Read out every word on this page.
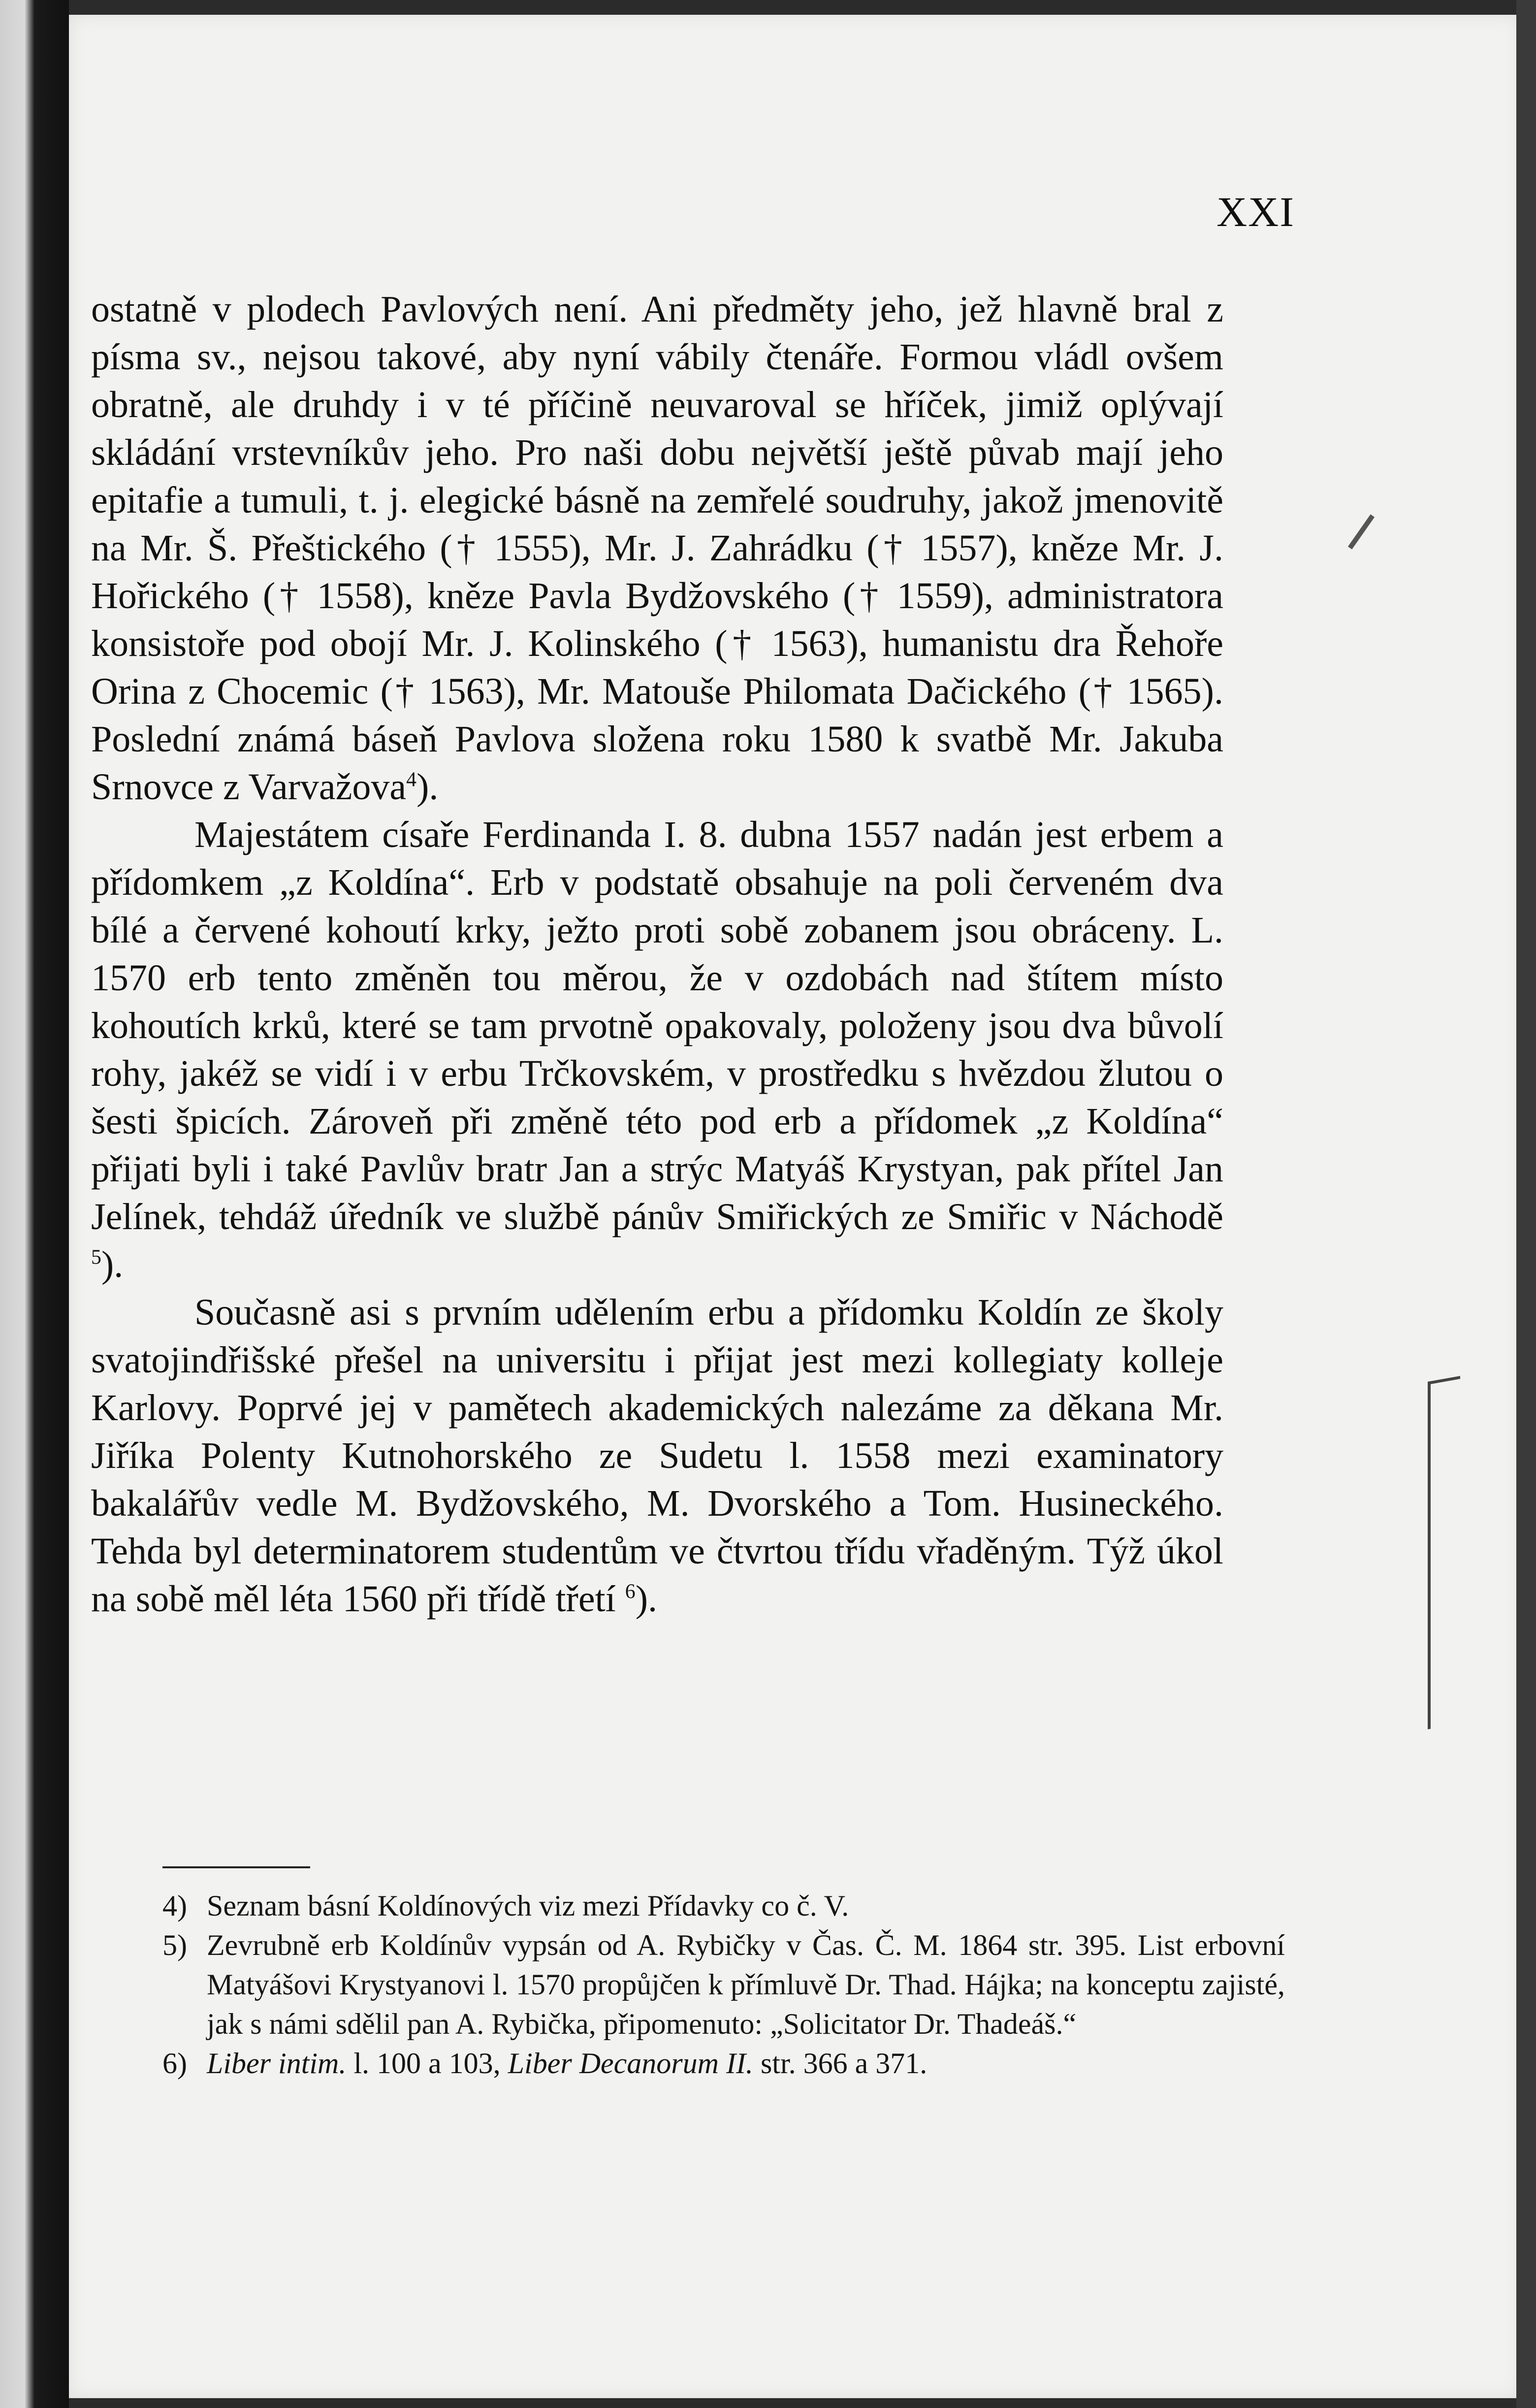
XXI

ostatně v plodech Pavlových není. Ani předměty jeho, jež hlavně bral z písma sv., nejsou takové, aby nyní vábily čtenáře. Formou vládl ovšem obratně, ale druhdy i v té příčině neuvaroval se hříček, jimiž oplývají skládání vrstevníkův jeho. Pro naši dobu největší ještě půvab mají jeho epitafie a tumuli, t. j. elegické básně na zemřelé soudruhy, jakož jmenovitě na Mr. Š. Přeštického († 1555), Mr. J. Zahrádku († 1557), kněze Mr. J. Hořického († 1558), kněze Pavla Bydžovského († 1559), administratora konsistoře pod obojí Mr. J. Kolinského († 1563), humanistu dra Řehoře Orina z Chocemic († 1563), Mr. Matouše Philomata Dačického († 1565). Poslední známá báseň Pavlova složena roku 1580 k svatbě Mr. Jakuba Srnovce z Varvažova$^4$).

Majestátem císaře Ferdinanda I. 8. dubna 1557 nadán jest erbem a přídomkem „z Koldína“. Erb v podstatě obsahuje na poli červeném dva bílé a červené kohoutí krky, ježto proti sobě zobanem jsou obráceny. L. 1570 erb tento změněn tou měrou, že v ozdobách nad štítem místo kohoutích krků, které se tam prvotně opakovaly, položeny jsou dva bůvolí rohy, jakéž se vidí i v erbu Trčkovském, v prostředku s hvězdou žlutou o šesti špicích. Zároveň při změně této pod erb a přídomek „z Koldína“ přijati byli i také Pavlův bratr Jan a strýc Matyáš Krystyan, pak přítel Jan Jelínek, tehdáž úředník ve službě pánův Smiřických ze Smiřic v Náchodě $^5$).

Současně asi s prvním udělením erbu a přídomku Koldín ze školy svatojindřišské přešel na universitu i přijat jest mezi kollegiaty kolleje Karlovy. Poprvé jej v pamětech akademických nalezáme za děkana Mr. Jiříka Polenty Kutnohorského ze Sudetu l. 1558 mezi examinatory bakalářův vedle M. Bydžovského, M. Dvorského a Tom. Husineckého. Tehda byl determinatorem studentům ve čtvrtou třídu vřaděným. Týž úkol na sobě měl léta 1560 při třídě třetí $^6$).

4) Seznam básní Koldínových viz mezi Přídavky co č. V.

5) Zevrubně erb Koldínův vypsán od A. Rybičky v Čas. Č. M. 1864 str. 395. List erbovní Matyášovi Krystyanovi l. 1570 propůjčen k přímluvě Dr. Thad. Hájka; na konceptu zajisté, jak s námi sdělil pan A. Rybička, připomenuto: „Solicitator Dr. Thadeáš.“

6) Liber intim. l. 100 a 103, Liber Decanorum II. str. 366 a 371.
